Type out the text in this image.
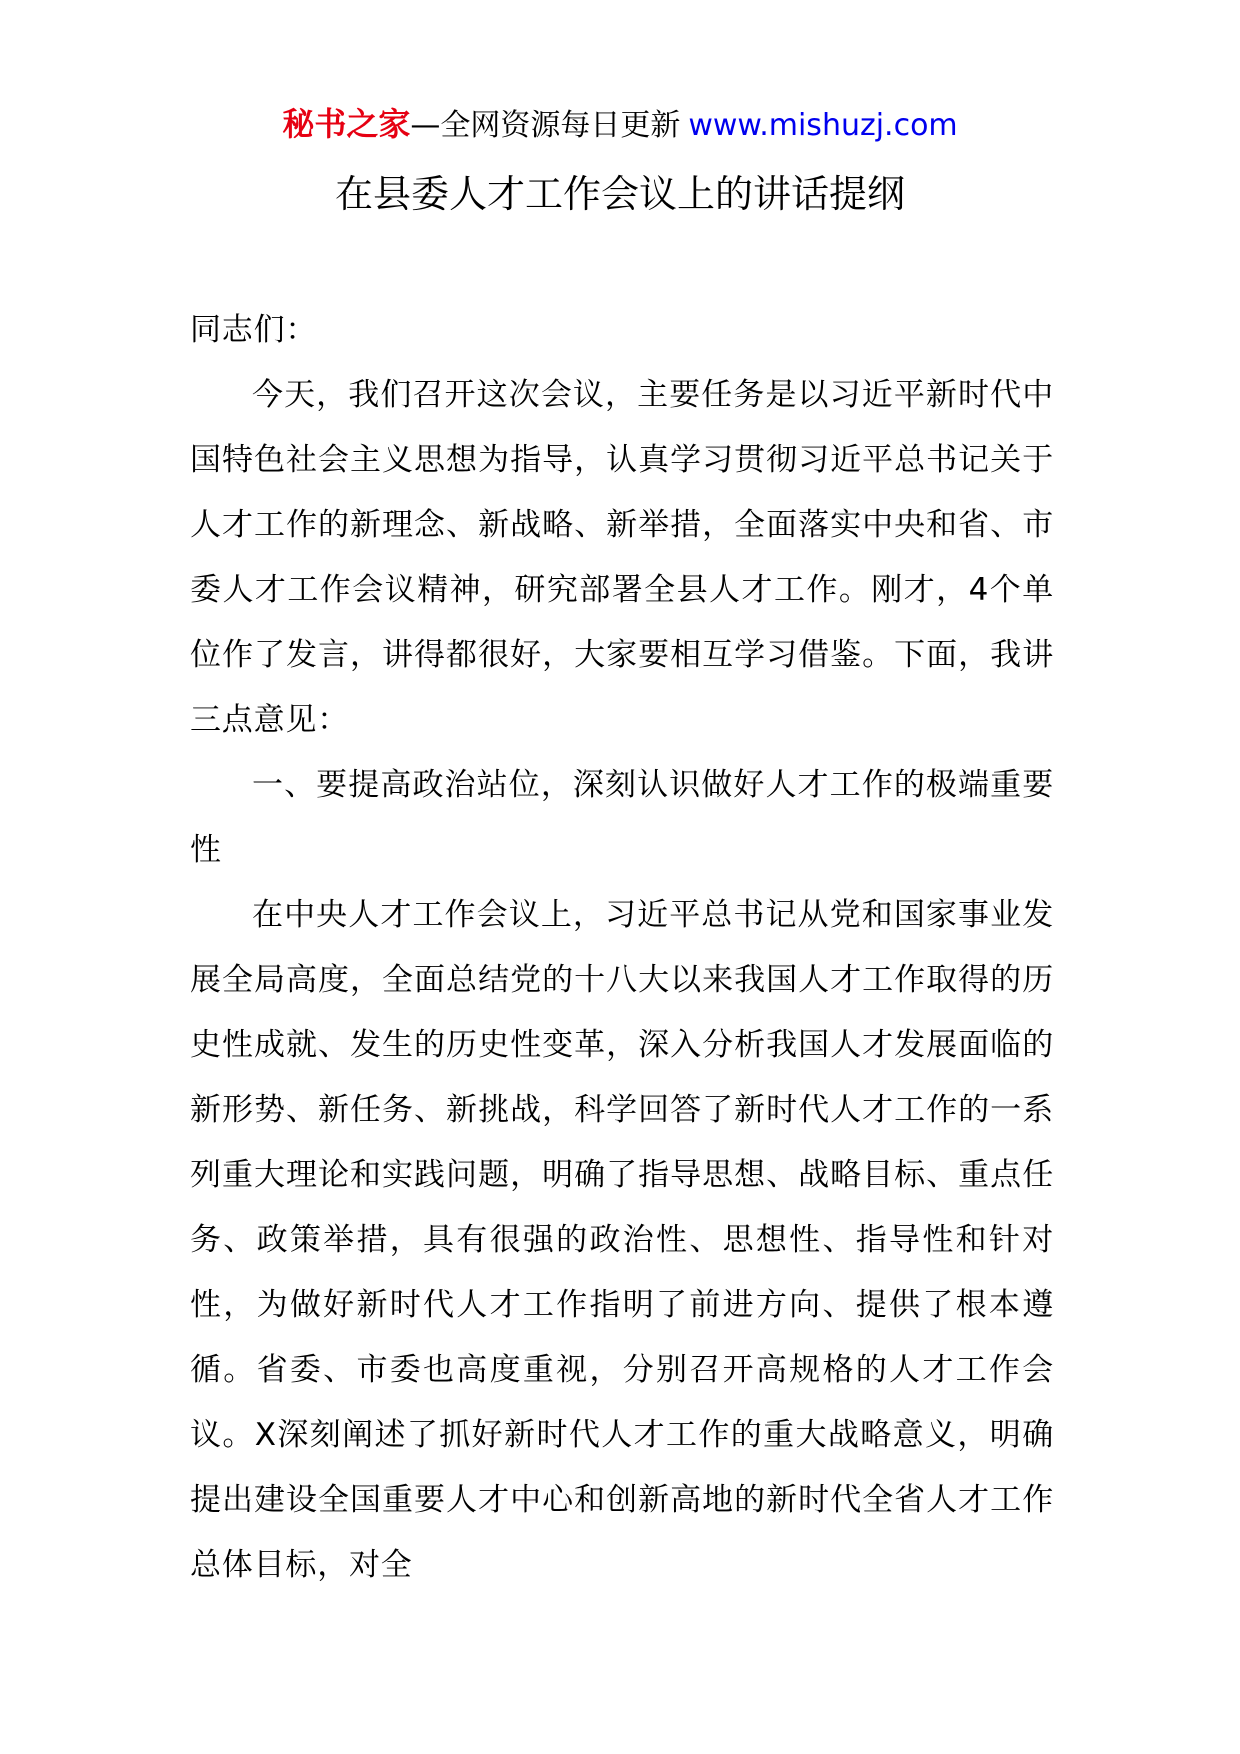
秘书之家—全网资源每日更新 www.mishuzj.com
在县委人才工作会议上的讲话提纲

同志们：

今天，我们召开这次会议，主要任务是以习近平新时代中国特色社会主义思想为指导，认真学习贯彻习近平总书记关于人才工作的新理念、新战略、新举措，全面落实中央和省、市委人才工作会议精神，研究部署全县人才工作。刚才，4个单位作了发言，讲得都很好，大家要相互学习借鉴。下面，我讲三点意见：

一、要提高政治站位，深刻认识做好人才工作的极端重要性

在中央人才工作会议上，习近平总书记从党和国家事业发展全局高度，全面总结党的十八大以来我国人才工作取得的历史性成就、发生的历史性变革，深入分析我国人才发展面临的新形势、新任务、新挑战，科学回答了新时代人才工作的一系列重大理论和实践问题，明确了指导思想、战略目标、重点任务、政策举措，具有很强的政治性、思想性、指导性和针对性，为做好新时代人才工作指明了前进方向、提供了根本遵循。省委、市委也高度重视，分别召开高规格的人才工作会议。X深刻阐述了抓好新时代人才工作的重大战略意义，明确提出建设全国重要人才中心和创新高地的新时代全省人才工作总体目标，对全
